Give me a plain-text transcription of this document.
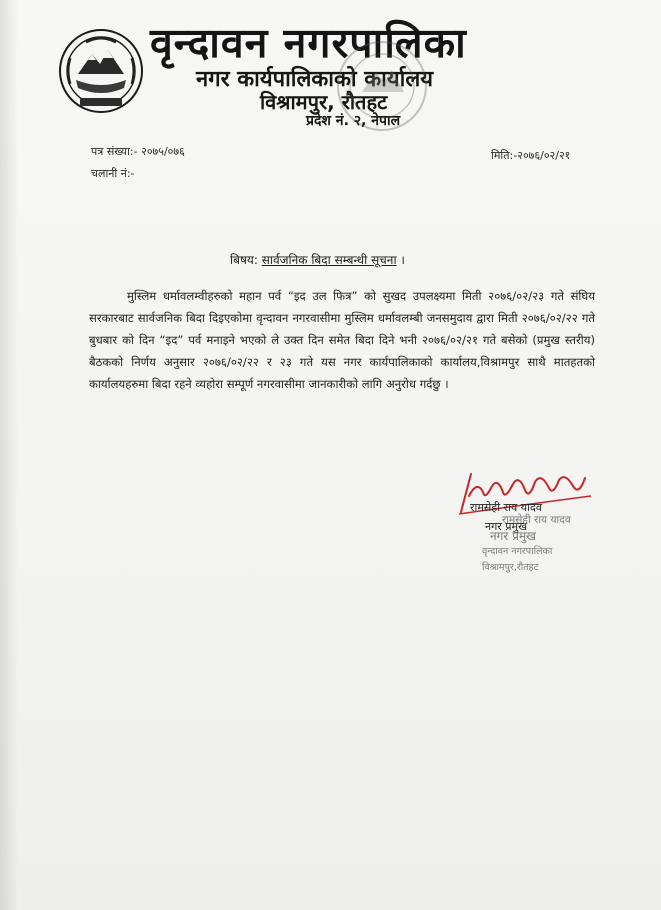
वृन्दावन नगरपालिका
नगर कार्यपालिकाको कार्यालय
विश्रामपुर, रौतहट
प्रदेश नं. २, नेपाल
पत्र संख्या:- २०७५/०७६
चलानी नं:-
मिति:-२०७६/०२/२१
बिषय: सार्वजनिक बिदा सम्बन्धी सूचना ।

मुस्लिम धर्मावलम्वीहरुको महान पर्व “इद उल फित्र” को सुखद उपलक्ष्यमा मिती २०७६/०२/२३ गते संघिय सरकारबाट सार्वजनिक बिदा दिइएकोमा वृन्दावन नगरवासीमा मुस्लिम धर्मावलम्बी जनसमुदाय द्वारा मिती २०७६/०२/२२ गते बुधबार को दिन “इद” पर्व मनाइने भएको ले उक्त दिन समेत बिदा दिने भनी २०७६/०२/२१ गते बसेको (प्रमुख स्तरीय) बैठकको निर्णय अनुसार २०७६/०२/२२ र २३ गते यस नगर कार्यपालिकाको कार्यालय,विश्रामपुर साथै मातहतको कार्यालयहरुमा बिदा रहने व्यहोरा सम्पूर्ण नगरवासीमा जानकारीको लागि अनुरोध गर्दछु ।

रामसेही राय यादव
नगर प्रमुख
रामसेही राय यादव
नगर प्रमुख
वृन्दावन नगरपालिका
विश्रामपुर,रौतहट
